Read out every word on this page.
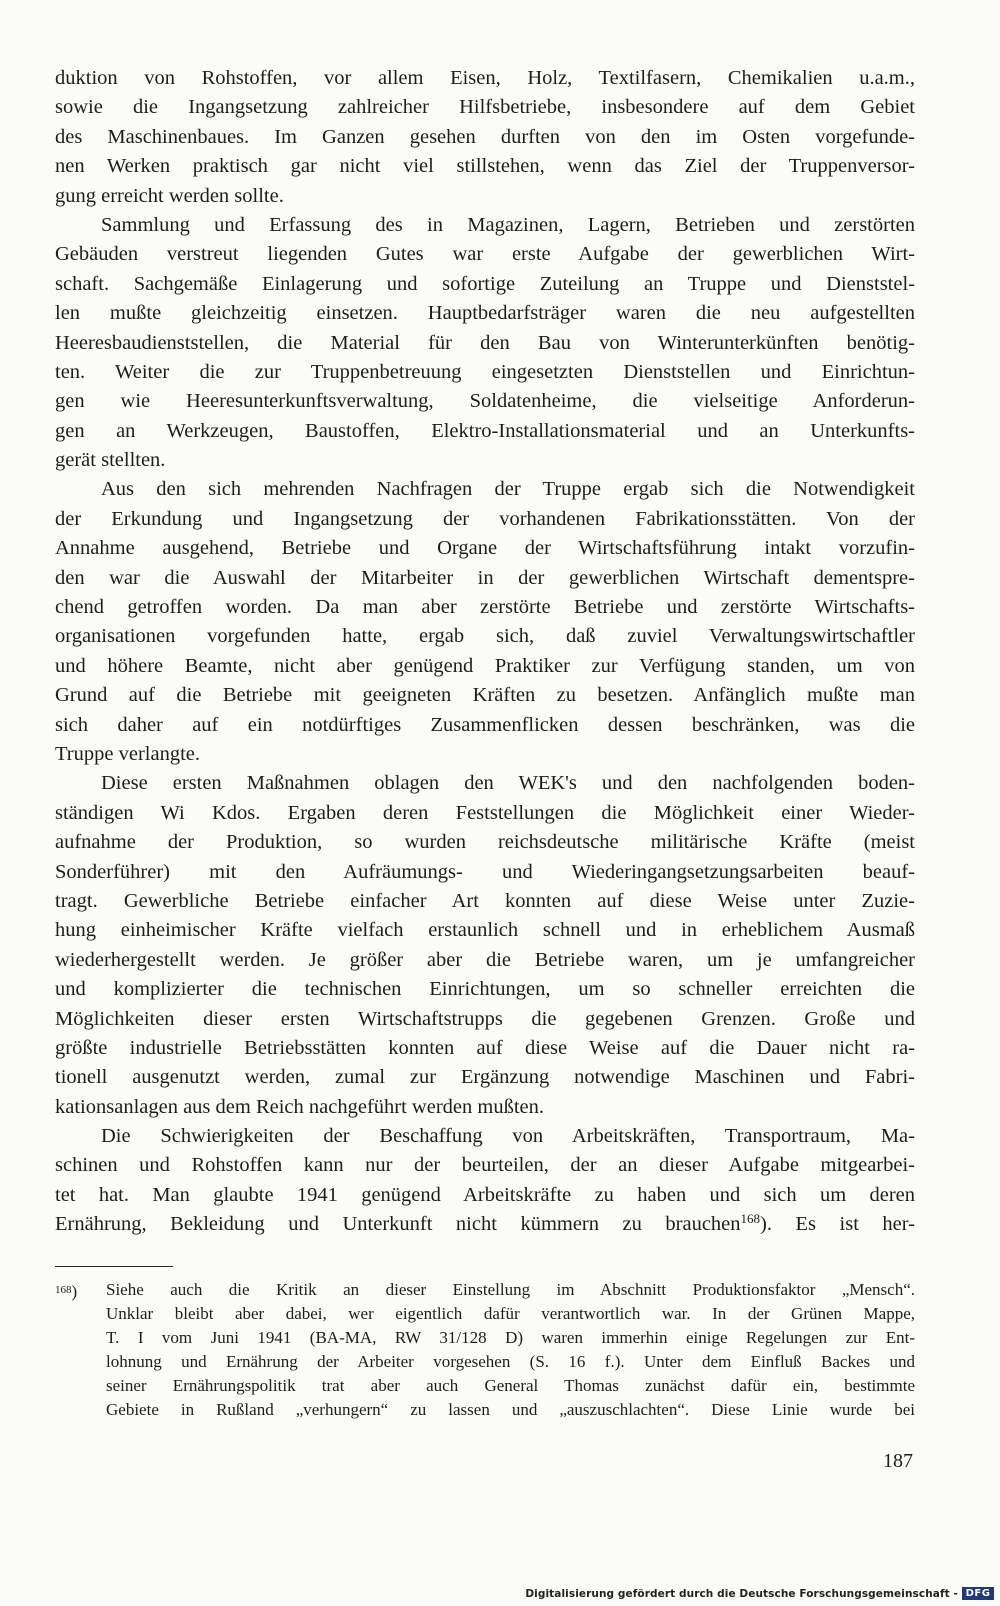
duktion von Rohstoffen, vor allem Eisen, Holz, Textilfasern, Chemikalien u.a.m.,
sowie die Ingangsetzung zahlreicher Hilfsbetriebe, insbesondere auf dem Gebiet
des Maschinenbaues. Im Ganzen gesehen durften von den im Osten vorgefunde-
nen Werken praktisch gar nicht viel stillstehen, wenn das Ziel der Truppenversor-
gung erreicht werden sollte.
Sammlung und Erfassung des in Magazinen, Lagern, Betrieben und zerstörten
Gebäuden verstreut liegenden Gutes war erste Aufgabe der gewerblichen Wirt-
schaft. Sachgemäße Einlagerung und sofortige Zuteilung an Truppe und Dienststel-
len mußte gleichzeitig einsetzen. Hauptbedarfsträger waren die neu aufgestellten
Heeresbaudienststellen, die Material für den Bau von Winterunterkünften benötig-
ten. Weiter die zur Truppenbetreuung eingesetzten Dienststellen und Einrichtun-
gen wie Heeresunterkunftsverwaltung, Soldatenheime, die vielseitige Anforderun-
gen an Werkzeugen, Baustoffen, Elektro-Installationsmaterial und an Unterkunfts-
gerät stellten.
Aus den sich mehrenden Nachfragen der Truppe ergab sich die Notwendigkeit
der Erkundung und Ingangsetzung der vorhandenen Fabrikationsstätten. Von der
Annahme ausgehend, Betriebe und Organe der Wirtschaftsführung intakt vorzufin-
den war die Auswahl der Mitarbeiter in der gewerblichen Wirtschaft dementspre-
chend getroffen worden. Da man aber zerstörte Betriebe und zerstörte Wirtschafts-
organisationen vorgefunden hatte, ergab sich, daß zuviel Verwaltungswirtschaftler
und höhere Beamte, nicht aber genügend Praktiker zur Verfügung standen, um von
Grund auf die Betriebe mit geeigneten Kräften zu besetzen. Anfänglich mußte man
sich daher auf ein notdürftiges Zusammenflicken dessen beschränken, was die
Truppe verlangte.
Diese ersten Maßnahmen oblagen den WEK's und den nachfolgenden boden-
ständigen Wi Kdos. Ergaben deren Feststellungen die Möglichkeit einer Wieder-
aufnahme der Produktion, so wurden reichsdeutsche militärische Kräfte (meist
Sonderführer) mit den Aufräumungs- und Wiederingangsetzungsarbeiten beauf-
tragt. Gewerbliche Betriebe einfacher Art konnten auf diese Weise unter Zuzie-
hung einheimischer Kräfte vielfach erstaunlich schnell und in erheblichem Ausmaß
wiederhergestellt werden. Je größer aber die Betriebe waren, um je umfangreicher
und komplizierter die technischen Einrichtungen, um so schneller erreichten die
Möglichkeiten dieser ersten Wirtschaftstrupps die gegebenen Grenzen. Große und
größte industrielle Betriebsstätten konnten auf diese Weise auf die Dauer nicht ra-
tionell ausgenutzt werden, zumal zur Ergänzung notwendige Maschinen und Fabri-
kationsanlagen aus dem Reich nachgeführt werden mußten.
Die Schwierigkeiten der Beschaffung von Arbeitskräften, Transportraum, Ma-
schinen und Rohstoffen kann nur der beurteilen, der an dieser Aufgabe mitgearbei-
tet hat. Man glaubte 1941 genügend Arbeitskräfte zu haben und sich um deren
Ernährung, Bekleidung und Unterkunft nicht kümmern zu brauchen$^{168}$). Es ist her-
$^{168}$) Siehe auch die Kritik an dieser Einstellung im Abschnitt Produktionsfaktor „Mensch“.
Unklar bleibt aber dabei, wer eigentlich dafür verantwortlich war. In der Grünen Mappe,
T. I vom Juni 1941 (BA-MA, RW 31/128 D) waren immerhin einige Regelungen zur Ent-
lohnung und Ernährung der Arbeiter vorgesehen (S. 16 f.). Unter dem Einfluß Backes und
seiner Ernährungspolitik trat aber auch General Thomas zunächst dafür ein, bestimmte
Gebiete in Rußland „verhungern“ zu lassen und „auszuschlachten“. Diese Linie wurde bei
187
Digitalisierung gefördert durch die Deutsche Forschungsgemeinschaft - DFG
